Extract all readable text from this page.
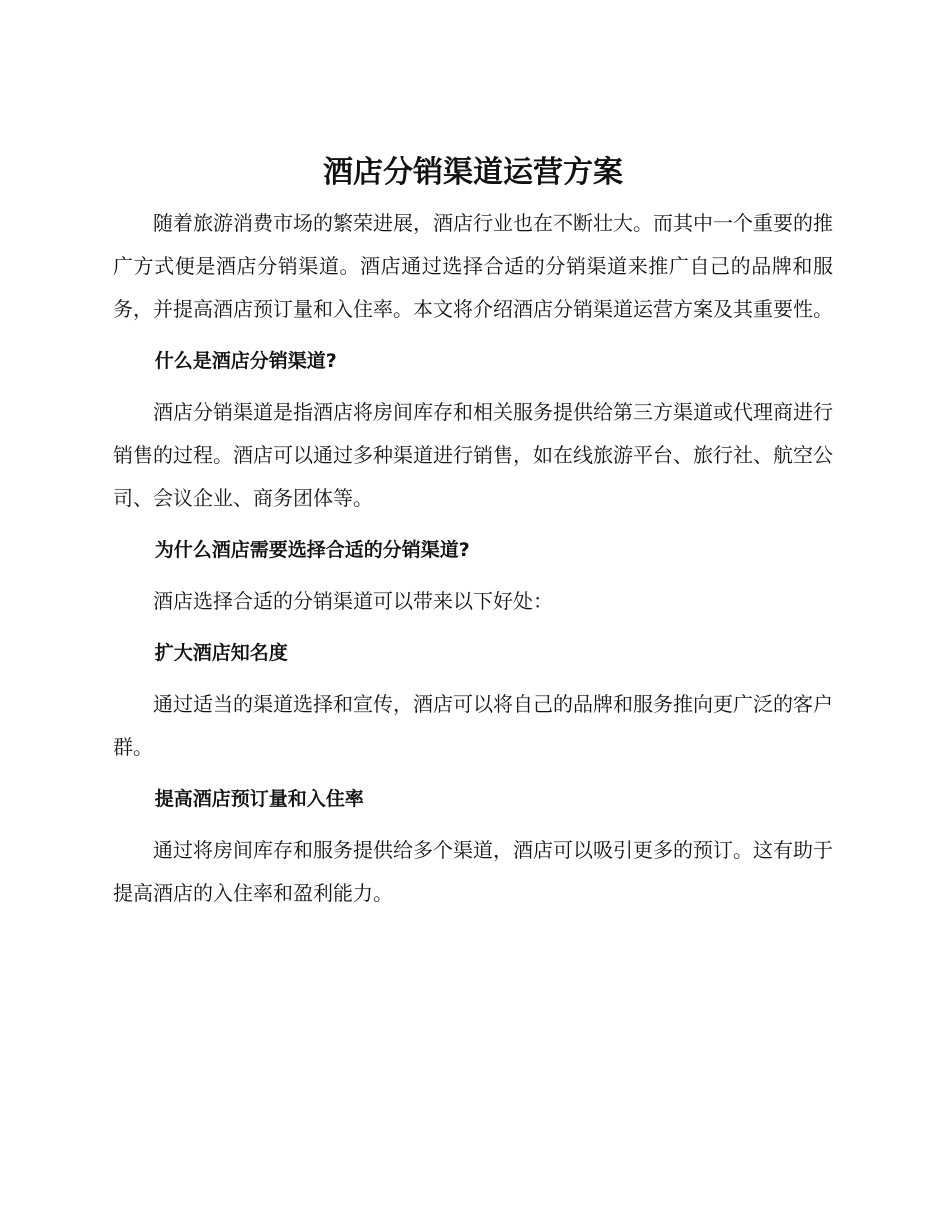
酒店分销渠道运营方案

随着旅游消费市场的繁荣进展，酒店行业也在不断壮大。而其中一个重要的推广方式便是酒店分销渠道。酒店通过选择合适的分销渠道来推广自己的品牌和服务，并提高酒店预订量和入住率。本文将介绍酒店分销渠道运营方案及其重要性。

什么是酒店分销渠道?

酒店分销渠道是指酒店将房间库存和相关服务提供给第三方渠道或代理商进行销售的过程。酒店可以通过多种渠道进行销售，如在线旅游平台、旅行社、航空公司、会议企业、商务团体等。

为什么酒店需要选择合适的分销渠道?

酒店选择合适的分销渠道可以带来以下好处：

扩大酒店知名度

通过适当的渠道选择和宣传，酒店可以将自己的品牌和服务推向更广泛的客户群。

提高酒店预订量和入住率

通过将房间库存和服务提供给多个渠道，酒店可以吸引更多的预订。这有助于提高酒店的入住率和盈利能力。
